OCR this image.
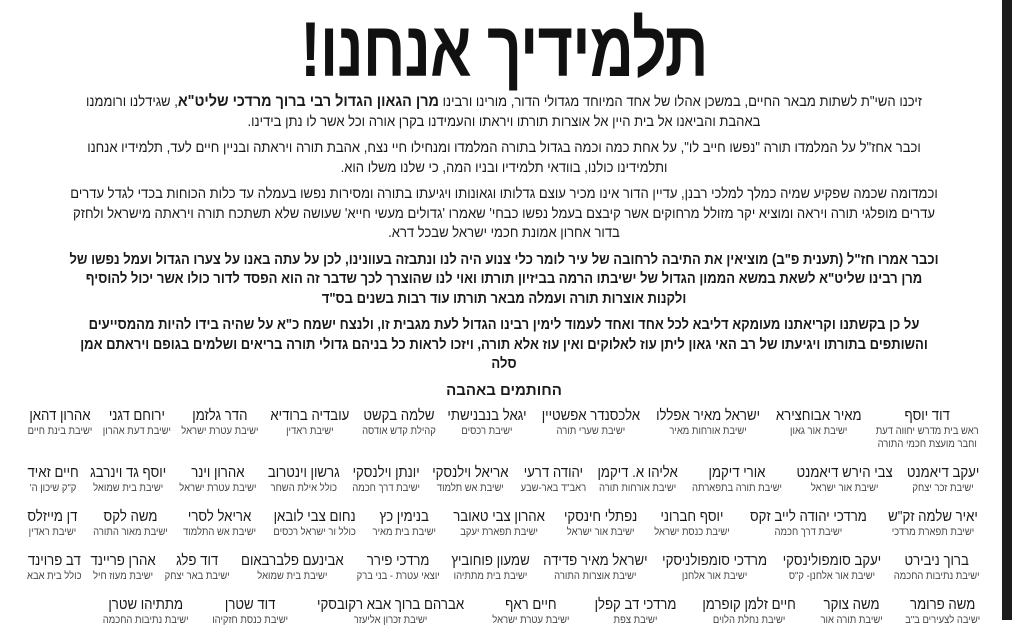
תלמידיך אנחנו!

זיכנו השי"ת לשתות מבאר החיים, במשכן אהלו של אחד המיוחד מגדולי הדור, מורינו ורבינו מרן הגאון הגדול רבי ברוך מרדכי שליט"א, שגידלנו ורוממנו באהבת והביאנו אל בית היין אל אוצרות תורתו ויראתו והעמידנו בקרן אורה וכל אשר לו נתן בידינו.

וכבר אחז"ל על המלמדו תורה "נפשו חייב לו", על אחת כמה וכמה בגדול בתורה המלמדו ומנחילו חיי נצח, אהבת תורה ויראתה ובניין חיים לעד, תלמידיו אנחנו ותלמידינו כולנו, בוודאי תלמידיו ובניו המה, כי שלנו משלו הוא.

וכמדומה שכמה שפקיע שמיה כמלך למלכי רבנן, עדיין הדור אינו מכיר עוצם גדלותו וגאונותו ויגיעתו בתורה ומסירות נפשו בעמלה עד כלות הכוחות בכדי לגדל עדרים עדרים מופלגי תורה ויראה ומוציא יקר מזולל מרחוקים אשר קיבצם בעמל נפשו כבחי' שאמרו 'גדולים מעשי חייא' שעושה שלא תשתכח תורה ויראתה מישראל ולחזק בדור אחרון אמונת חכמי ישראל שבכל דרא.

וכבר אמרו חז"ל (תענית פ"ב) מוציאין את התיבה לרחובה של עיר לומר כלי צנוע היה לנו ונתבזה בעוונינו, לכן על עתה באנו על צערו הגדול ועמל נפשו של מרן רבינו שליט"א לשאת במשא הממון הגדול של ישיבתו הרמה בביזיון תורתו ואוי לנו שהוצרך לכך שדבר זה הוא הפסד לדור כולו אשר יכול להוסיף ולקנות אוצרות תורה ועמלה מבאר תורתו עוד רבות בשנים בס"ד

על כן בקשתנו וקריאתנו מעומקא דליבא לכל אחד ואחד לעמוד לימין רבינו הגדול לעת מגבית זו, ולנצח ישמח כ"א על שהיה בידו להיות מהמסייעים והשותפים בתורתו ויגיעתו של רב האי גאון ליתן עוז לאלוקים ואין עוז אלא תורה, ויזכו לראות כל בניהם גדולי תורה בריאים ושלמים בגופם ויראתם אמן סלה

החותמים באהבה
דוד יוסף
ראש בית מדרש יחווה דעת
וחבר מועצת חכמי התורה
מאיר אבוחצירא
ישיבת אור גאון
ישראל מאיר אפללו
ישיבת אורחות מאיר
אלכסנדר אפשטיין
ישיבת שערי תורה
יגאל בנבנישתי
ישיבת רכסים
שלמה בקשט
קהילת קדש אודסה
עובדיה ברודיא
ישיבת ראדין
הדר גלזמן
ישיבת עטרת ישראל
ירוחם דגני
ישיבת דעת אהרון
אהרון דהאן
ישיבת בינת חיים
יעקב דיאמנט
ישיבת זכר יצחק
צבי הירש דיאמנט
ישיבת אור ישראל
אורי דיקמן
ישיבת תורה בתפארתה
אליהו א. דיקמן
ישיבת אורחות תורה
יהודה דרעי
ראב"ד באר-שבע
אריאל וילנסקי
ישיבת אש תלמוד
יונתן וילנסקי
ישיבת דרך חכמה
גרשון וינטרוב
כולל אילת השחר
אהרון וינר
ישיבת עטרת ישראל
יוסף גד וינרבג
ישיבת בית שמואל
חיים זאיד
ק"ק שיכון ה'
יאיר שלמה זק"ש
ישיבת תפארת מרדכי
מרדכי יהודה לייב זקס
ישיבת דרך חכמה
יוסף חברוני
ישיבת כנסת ישראל
נפתלי חינסקי
ישיבת אור ישראל
אהרון צבי טאובר
ישיבת תפארת יעקב
בנימין כץ
ישיבת בית מאיר
נחום צבי לובאן
כולל ור ישראל רכסים
אריאל לסרי
ישיבת אש התלמוד
משה לקס
ישיבת מאור התורה
דן מייזלס
ישיבת ראדין
ברוך ניבירט
ישיבת נתיבות החכמה
יעקב סומפולינסקי
ישיבת אור אלחנן- ק"ס
מרדכי סומפולניסקי
ישיבת אור אלחנן
ישראל מאיר פדידה
ישיבת אוצרות התורה
שמעון פוחוביץ
ישיבת בית מתתיהו
מרדכי פירר
יוצאי עטרת - בני ברק
אבינעם פלברבאום
ישיבת בית שמואל
דוד פלג
ישיבת באר יצחק
אהרן פריינד
ישיבת מעוז חיל
דב פרוינד
כולל בית אבא
משה פרומר
ישיבה לצעירים ב"ב
משה צוקר
ישיבת תורה אור
חיים זלמן קופרמן
ישיבת נחלת הלוים
מרדכי דב קפלן
ישיבת צפת
חיים ראף
ישיבת עטרת ישראל
אברהם ברוך אבא רקובסקי
ישיבת זכרון אליעזר
דוד שטרן
ישיבת כנסת חזקיהו
מתתיהו שטרן
ישיבת נתיבות החכמה
